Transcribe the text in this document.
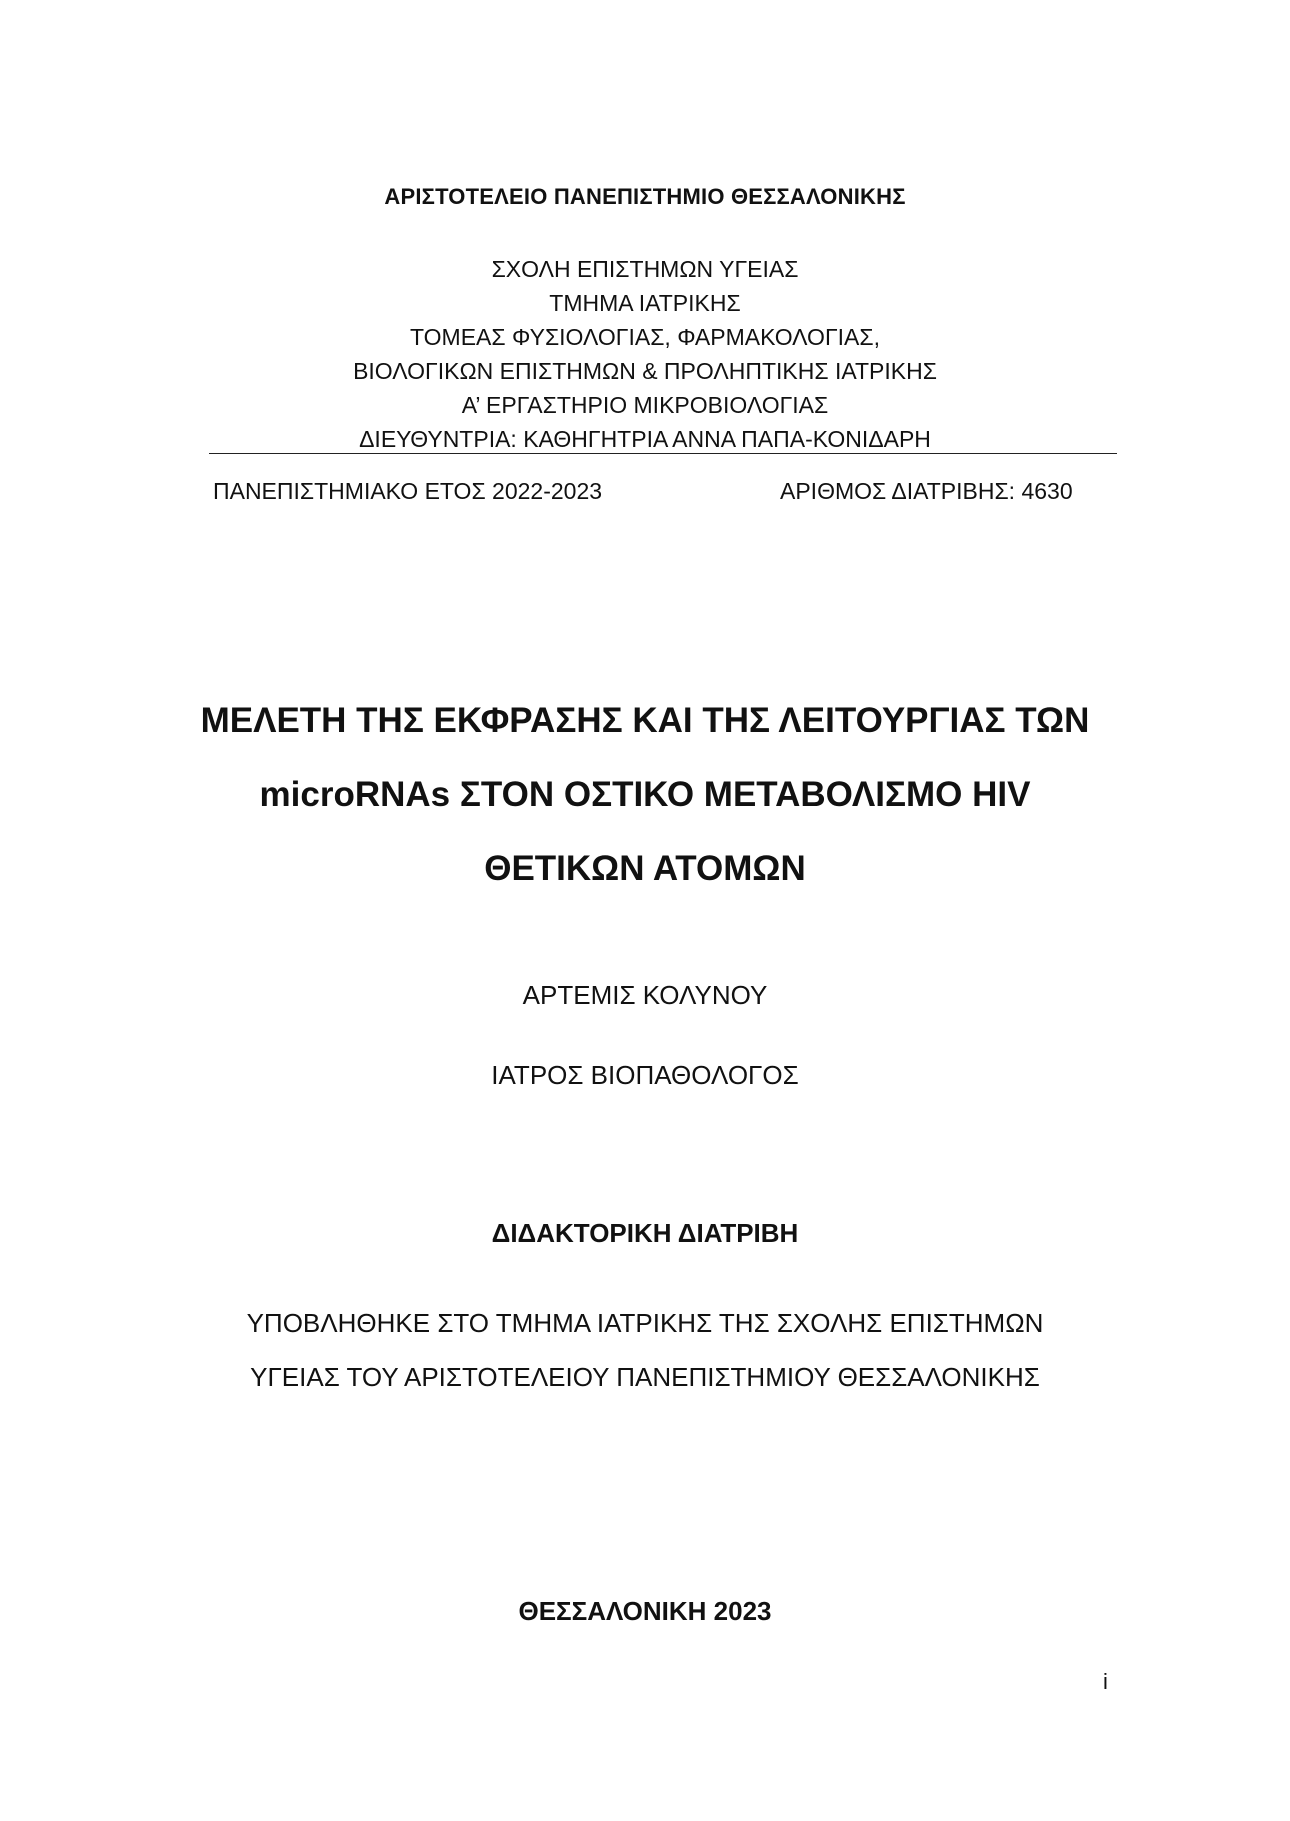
ΑΡΙΣΤΟΤΕΛΕΙΟ ΠΑΝΕΠΙΣΤΗΜΙΟ ΘΕΣΣΑΛΟΝΙΚΗΣ
ΣΧΟΛΗ ΕΠΙΣΤΗΜΩΝ ΥΓΕΙΑΣ
ΤΜΗΜΑ ΙΑΤΡΙΚΗΣ
ΤΟΜΕΑΣ ΦΥΣΙΟΛΟΓΙΑΣ, ΦΑΡΜΑΚΟΛΟΓΙΑΣ,
ΒΙΟΛΟΓΙΚΩΝ ΕΠΙΣΤΗΜΩΝ & ΠΡΟΛΗΠΤΙΚΗΣ ΙΑΤΡΙΚΗΣ
Α’ ΕΡΓΑΣΤΗΡΙΟ ΜΙΚΡΟΒΙΟΛΟΓΙΑΣ
ΔΙΕΥΘΥΝΤΡΙΑ: ΚΑΘΗΓΗΤΡΙΑ ΑΝΝΑ ΠΑΠΑ-ΚΟΝΙΔΑΡΗ
ΠΑΝΕΠΙΣΤΗΜΙΑΚΟ ΕΤΟΣ 2022-2023	ΑΡΙΘΜΟΣ ΔΙΑΤΡΙΒΗΣ: 4630
ΜΕΛΕΤΗ ΤΗΣ ΕΚΦΡΑΣΗΣ ΚΑΙ ΤΗΣ ΛΕΙΤΟΥΡΓΙΑΣ ΤΩΝ
microRNAs ΣΤΟΝ ΟΣΤΙΚΟ ΜΕΤΑΒΟΛΙΣΜΟ HIV
ΘΕΤΙΚΩΝ ΑΤΟΜΩΝ
ΑΡΤΕΜΙΣ ΚΟΛΥΝΟΥ
ΙΑΤΡΟΣ ΒΙΟΠΑΘΟΛΟΓΟΣ
ΔΙΔΑΚΤΟΡΙΚΗ ΔΙΑΤΡΙΒΗ
ΥΠΟΒΛΗΘΗΚΕ ΣΤΟ ΤΜΗΜΑ ΙΑΤΡΙΚΗΣ ΤΗΣ ΣΧΟΛΗΣ ΕΠΙΣΤΗΜΩΝ
ΥΓΕΙΑΣ ΤΟΥ ΑΡΙΣΤΟΤΕΛΕΙΟΥ ΠΑΝΕΠΙΣΤΗΜΙΟΥ ΘΕΣΣΑΛΟΝΙΚΗΣ
ΘΕΣΣΑΛΟΝΙΚΗ 2023
i
